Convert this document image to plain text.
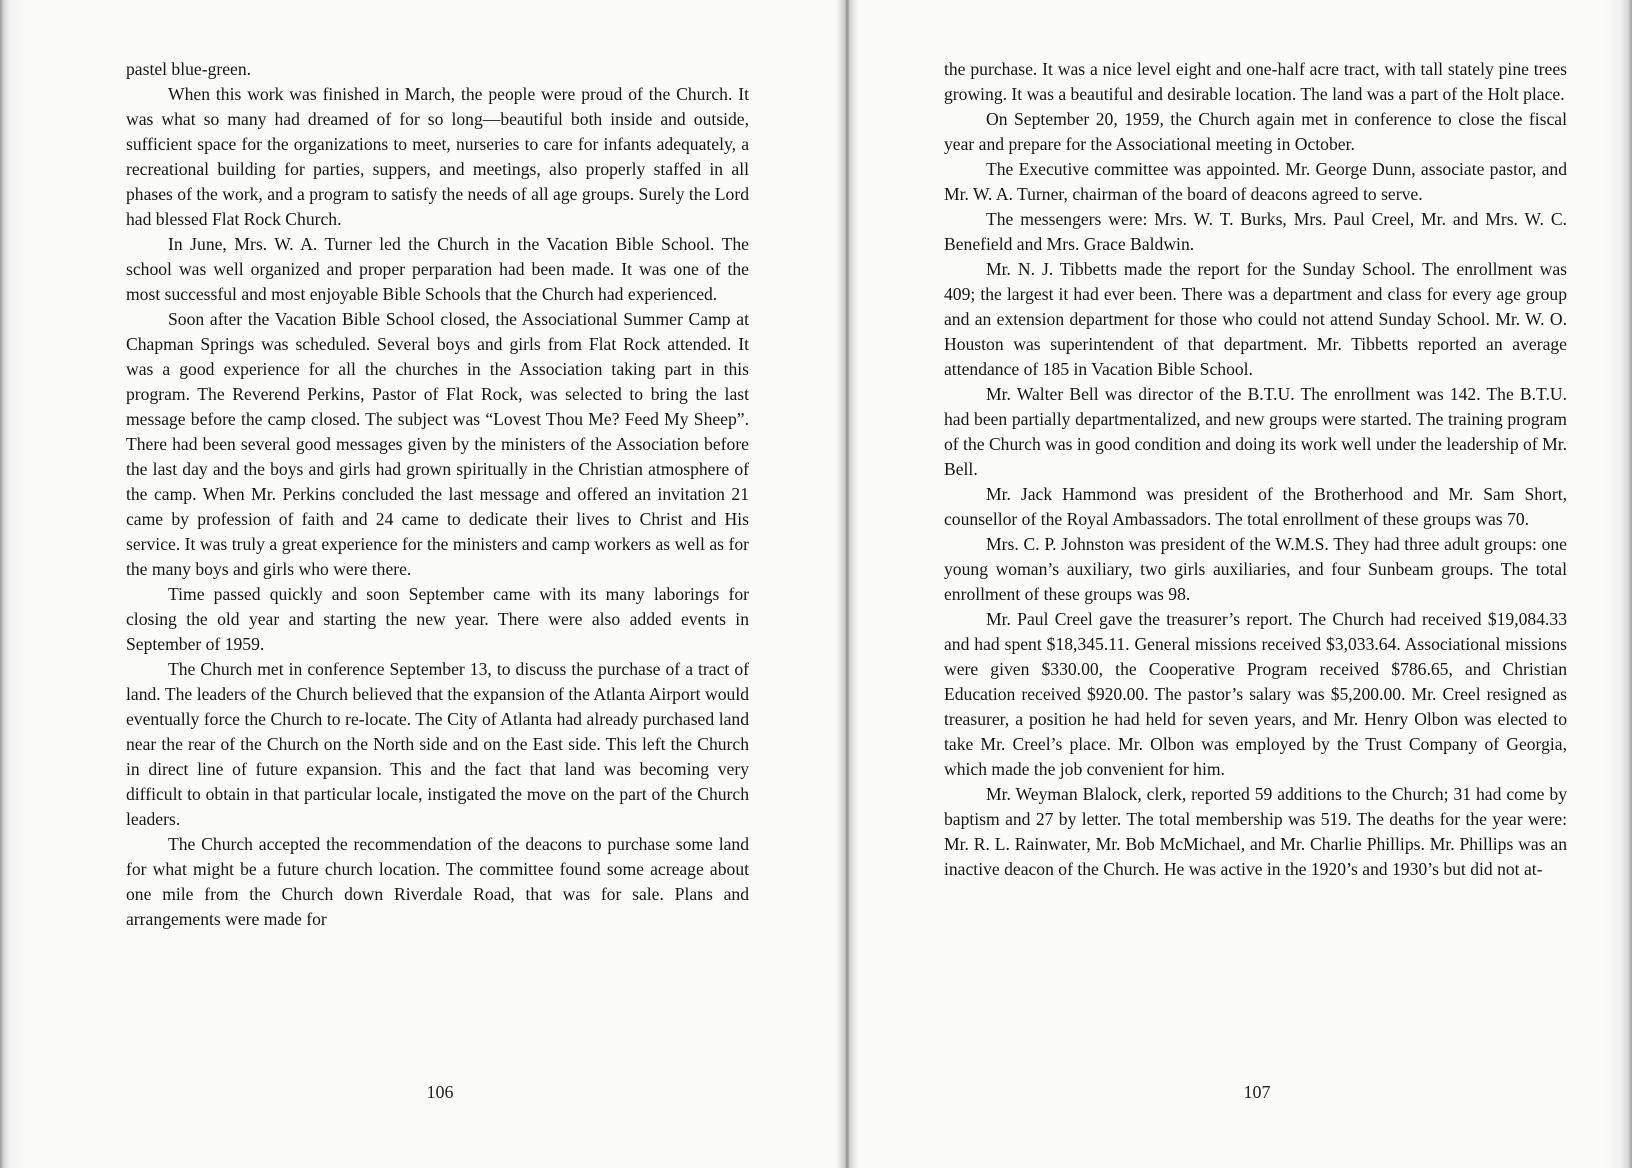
pastel blue-green.

When this work was finished in March, the people were proud of the Church. It was what so many had dreamed of for so long—beautiful both inside and outside, sufficient space for the organizations to meet, nurseries to care for infants adequately, a recreational building for parties, suppers, and meetings, also properly staffed in all phases of the work, and a program to satisfy the needs of all age groups. Surely the Lord had blessed Flat Rock Church.

In June, Mrs. W. A. Turner led the Church in the Vacation Bible School. The school was well organized and proper perparation had been made. It was one of the most successful and most enjoyable Bible Schools that the Church had experienced.

Soon after the Vacation Bible School closed, the Associational Summer Camp at Chapman Springs was scheduled. Several boys and girls from Flat Rock attended. It was a good experience for all the churches in the Association taking part in this program. The Reverend Perkins, Pastor of Flat Rock, was selected to bring the last message before the camp closed. The subject was “Lovest Thou Me? Feed My Sheep”. There had been several good messages given by the ministers of the Association before the last day and the boys and girls had grown spiritually in the Christian atmosphere of the camp. When Mr. Perkins concluded the last message and offered an invitation 21 came by profession of faith and 24 came to dedicate their lives to Christ and His service. It was truly a great experience for the ministers and camp workers as well as for the many boys and girls who were there.

Time passed quickly and soon September came with its many laborings for closing the old year and starting the new year. There were also added events in September of 1959.

The Church met in conference September 13, to discuss the purchase of a tract of land. The leaders of the Church believed that the expansion of the Atlanta Airport would eventually force the Church to re-locate. The City of Atlanta had already purchased land near the rear of the Church on the North side and on the East side. This left the Church in direct line of future expansion. This and the fact that land was becoming very difficult to obtain in that particular locale, instigated the move on the part of the Church leaders.

The Church accepted the recommendation of the deacons to purchase some land for what might be a future church location. The committee found some acreage about one mile from the Church down Riverdale Road, that was for sale. Plans and arrangements were made for

106

the purchase. It was a nice level eight and one-half acre tract, with tall stately pine trees growing. It was a beautiful and desirable location. The land was a part of the Holt place.

On September 20, 1959, the Church again met in conference to close the fiscal year and prepare for the Associational meeting in October.

The Executive committee was appointed. Mr. George Dunn, associate pastor, and Mr. W. A. Turner, chairman of the board of deacons agreed to serve.

The messengers were: Mrs. W. T. Burks, Mrs. Paul Creel, Mr. and Mrs. W. C. Benefield and Mrs. Grace Baldwin.

Mr. N. J. Tibbetts made the report for the Sunday School. The enrollment was 409; the largest it had ever been. There was a department and class for every age group and an extension department for those who could not attend Sunday School. Mr. W. O. Houston was superintendent of that department. Mr. Tibbetts reported an average attendance of 185 in Vacation Bible School.

Mr. Walter Bell was director of the B.T.U. The enrollment was 142. The B.T.U. had been partially departmentalized, and new groups were started. The training program of the Church was in good condition and doing its work well under the leadership of Mr. Bell.

Mr. Jack Hammond was president of the Brotherhood and Mr. Sam Short, counsellor of the Royal Ambassadors. The total enrollment of these groups was 70.

Mrs. C. P. Johnston was president of the W.M.S. They had three adult groups: one young woman’s auxiliary, two girls auxiliaries, and four Sunbeam groups. The total enrollment of these groups was 98.

Mr. Paul Creel gave the treasurer’s report. The Church had received $19,084.33 and had spent $18,345.11. General missions received $3,033.64. Associational missions were given $330.00, the Cooperative Program received $786.65, and Christian Education received $920.00. The pastor’s salary was $5,200.00. Mr. Creel resigned as treasurer, a position he had held for seven years, and Mr. Henry Olbon was elected to take Mr. Creel’s place. Mr. Olbon was employed by the Trust Company of Georgia, which made the job convenient for him.

Mr. Weyman Blalock, clerk, reported 59 additions to the Church; 31 had come by baptism and 27 by letter. The total membership was 519. The deaths for the year were: Mr. R. L. Rainwater, Mr. Bob McMichael, and Mr. Charlie Phillips. Mr. Phillips was an inactive deacon of the Church. He was active in the 1920’s and 1930’s but did not at-

107
